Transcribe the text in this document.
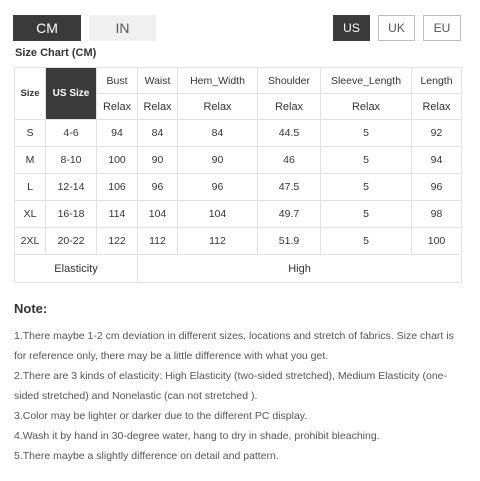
CM	IN	US	UK	EU
Size Chart (CM)
Size	US Size	Bust	Waist	Hem_Width	Shoulder	Sleeve_Length	Length
		Relax	Relax	Relax	Relax	Relax	Relax
S	4-6	94	84	84	44.5	5	92
M	8-10	100	90	90	46	5	94
L	12-14	106	96	96	47.5	5	96
XL	16-18	114	104	104	49.7	5	98
2XL	20-22	122	112	112	51.9	5	100
Elasticity			High				
Note:
1.There maybe 1-2 cm deviation in different sizes, locations and stretch of fabrics. Size chart is for reference only, there may be a little difference with what you get.
2.There are 3 kinds of elasticity: High Elasticity (two-sided stretched), Medium Elasticity (one-sided stretched) and Nonelastic (can not stretched ).
3.Color may be lighter or darker due to the different PC display.
4.Wash it by hand in 30-degree water, hang to dry in shade, prohibit bleaching.
5.There maybe a slightly difference on detail and pattern.
